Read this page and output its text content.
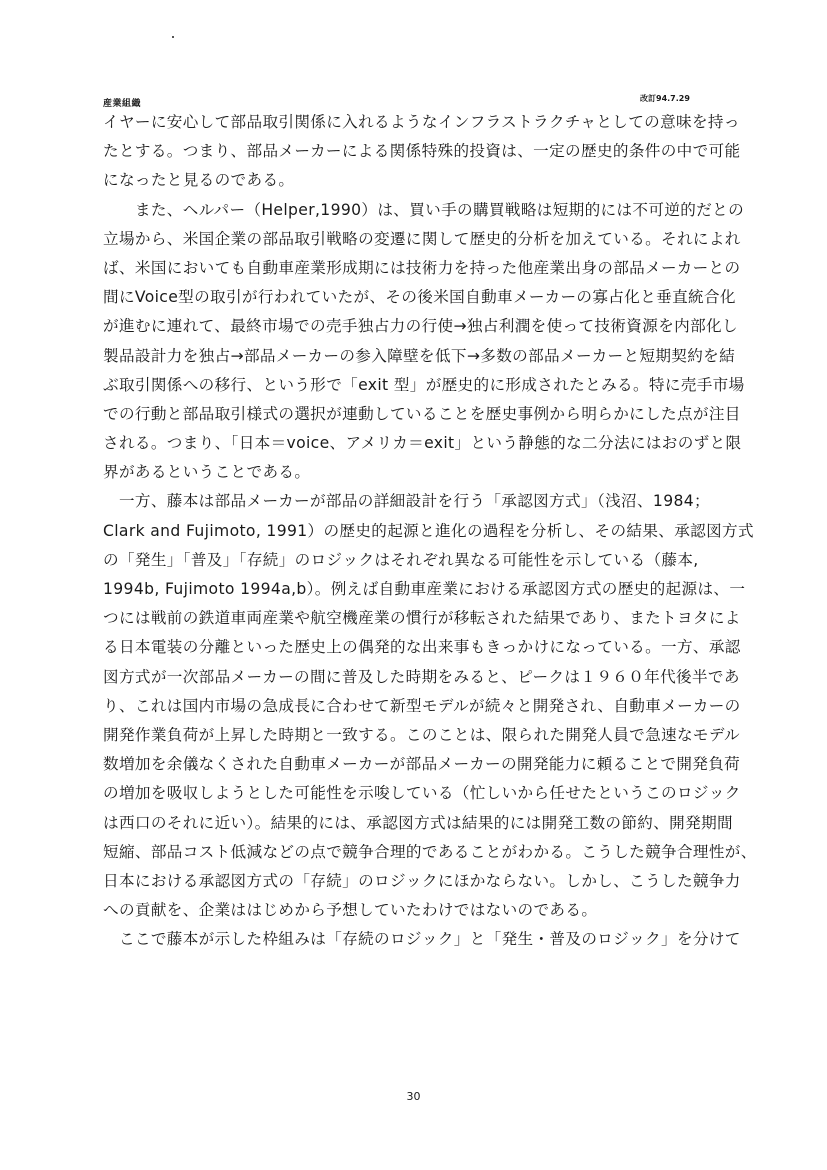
産業組織
改訂94.7.29
イヤーに安心して部品取引関係に入れるようなインフラストラクチャとしての意味を持っ
たとする。つまり、部品メーカーによる関係特殊的投資は、一定の歴史的条件の中で可能
になったと見るのである。
　　また、ヘルパー（Helper,1990）は、買い手の購買戦略は短期的には不可逆的だとの
立場から、米国企業の部品取引戦略の変遷に関して歴史的分析を加えている。それによれ
ば、米国においても自動車産業形成期には技術力を持った他産業出身の部品メーカーとの
間にVoice型の取引が行われていたが、その後米国自動車メーカーの寡占化と垂直統合化
が進むに連れて、最終市場での売手独占力の行使→独占利潤を使って技術資源を内部化し
製品設計力を独占→部品メーカーの参入障壁を低下→多数の部品メーカーと短期契約を結
ぶ取引関係への移行、という形で「exit 型」が歴史的に形成されたとみる。特に売手市場
での行動と部品取引様式の選択が連動していることを歴史事例から明らかにした点が注目
される。つまり、「日本＝voice、アメリカ＝exit」という静態的な二分法にはおのずと限
界があるということである。
　一方、藤本は部品メーカーが部品の詳細設計を行う「承認図方式」（浅沼、1984；
Clark and Fujimoto, 1991）の歴史的起源と進化の過程を分析し、その結果、承認図方式
の「発生」「普及」「存続」のロジックはそれぞれ異なる可能性を示している（藤本,
1994b, Fujimoto 1994a,b）。例えば自動車産業における承認図方式の歴史的起源は、一
つには戦前の鉄道車両産業や航空機産業の慣行が移転された結果であり、またトヨタによ
る日本電装の分離といった歴史上の偶発的な出来事もきっかけになっている。一方、承認
図方式が一次部品メーカーの間に普及した時期をみると、ピークは１９６０年代後半であ
り、これは国内市場の急成長に合わせて新型モデルが続々と開発され、自動車メーカーの
開発作業負荷が上昇した時期と一致する。このことは、限られた開発人員で急速なモデル
数増加を余儀なくされた自動車メーカーが部品メーカーの開発能力に頼ることで開発負荷
の増加を吸収しようとした可能性を示唆している（忙しいから任せたというこのロジック
は西口のそれに近い）。結果的には、承認図方式は結果的には開発工数の節約、開発期間
短縮、部品コスト低減などの点で競争合理的であることがわかる。こうした競争合理性が、
日本における承認図方式の「存続」のロジックにほかならない。しかし、こうした競争力
への貢献を、企業ははじめから予想していたわけではないのである。
　ここで藤本が示した枠組みは「存続のロジック」と「発生・普及のロジック」を分けて
30
